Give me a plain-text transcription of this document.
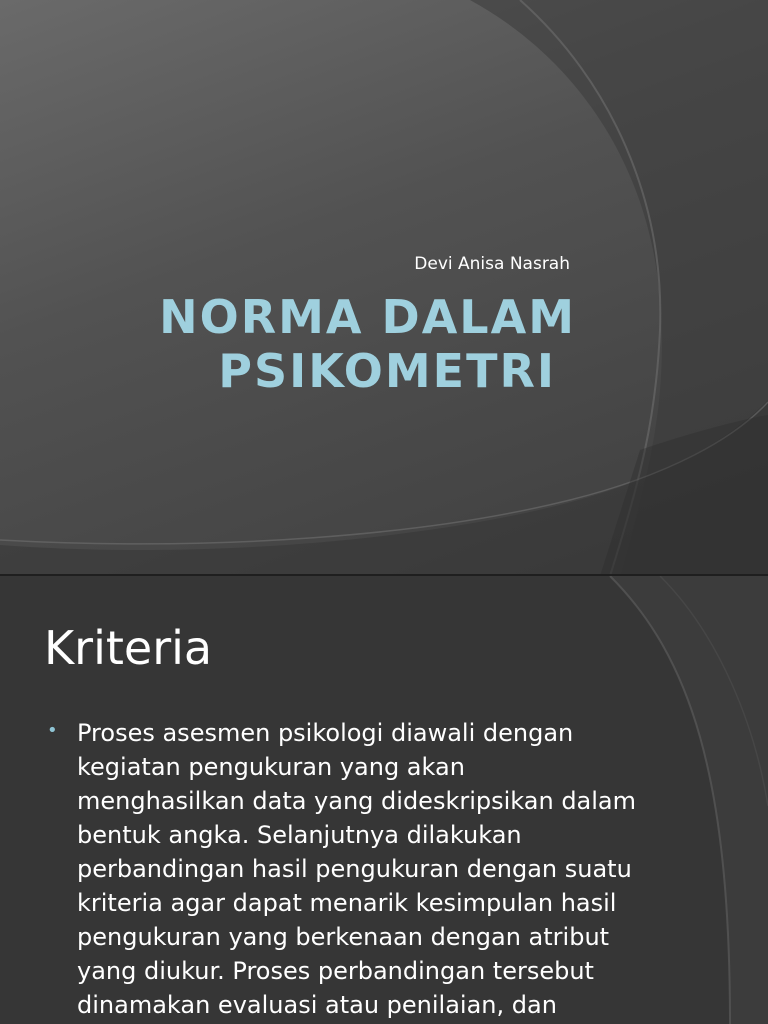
Devi Anisa Nasrah
NORMA DALAM
PSIKOMETRI
Kriteria
• Proses asesmen psikologi diawali dengan
kegiatan pengukuran yang akan
menghasilkan data yang dideskripsikan dalam
bentuk angka. Selanjutnya dilakukan
perbandingan hasil pengukuran dengan suatu
kriteria agar dapat menarik kesimpulan hasil
pengukuran yang berkenaan dengan atribut
yang diukur. Proses perbandingan tersebut
dinamakan evaluasi atau penilaian, dan
